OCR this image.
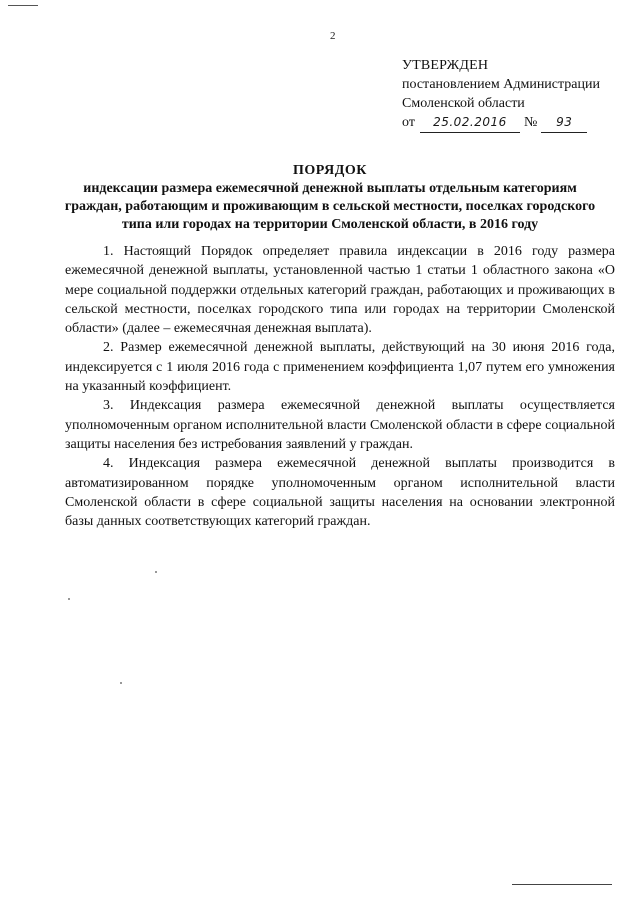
2
УТВЕРЖДЕН
постановлением Администрации
Смоленской области
от 25.02.2016 № 93
ПОРЯДОК
индексации размера ежемесячной денежной выплаты отдельным категориям граждан, работающим и проживающим в сельской местности, поселках городского типа или городах на территории Смоленской области, в 2016 году

1. Настоящий Порядок определяет правила индексации в 2016 году размера ежемесячной денежной выплаты, установленной частью 1 статьи 1 областного закона «О мере социальной поддержки отдельных категорий граждан, работающих и проживающих в сельской местности, поселках городского типа или городах на территории Смоленской области» (далее – ежемесячная денежная выплата).

2. Размер ежемесячной денежной выплаты, действующий на 30 июня 2016 года, индексируется с 1 июля 2016 года с применением коэффициента 1,07 путем его умножения на указанный коэффициент.

3. Индексация размера ежемесячной денежной выплаты осуществляется уполномоченным органом исполнительной власти Смоленской области в сфере социальной защиты населения без истребования заявлений у граждан.

4. Индексация размера ежемесячной денежной выплаты производится в автоматизированном порядке уполномоченным органом исполнительной власти Смоленской области в сфере социальной защиты населения на основании электронной базы данных соответствующих категорий граждан.
